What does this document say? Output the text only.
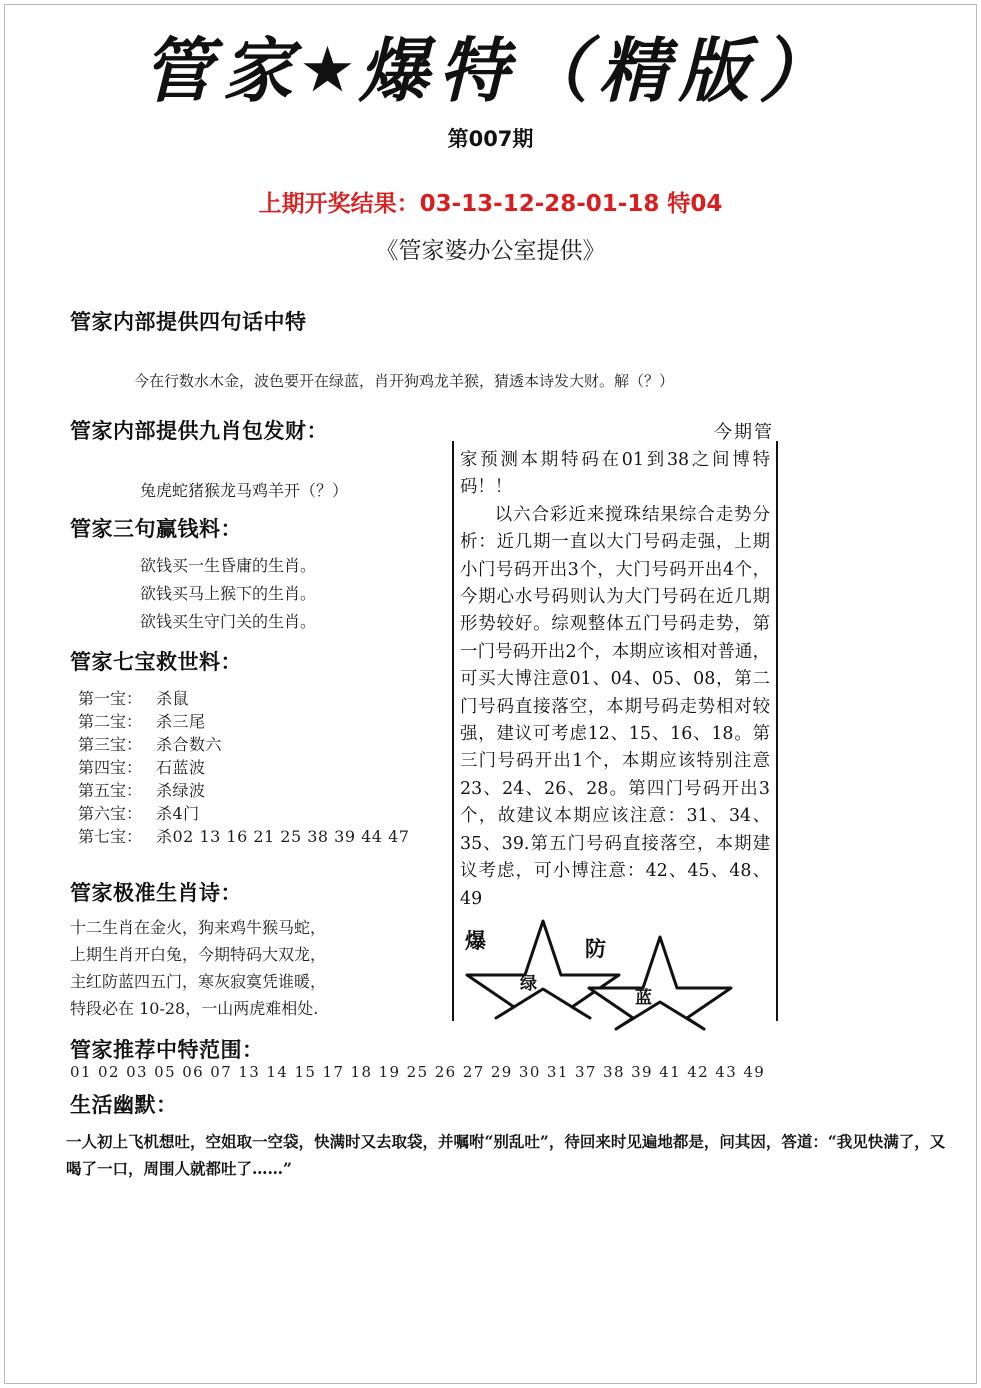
管家★爆特（精版）
第007期
上期开奖结果：03-13-12-28-01-18 特04
《管家婆办公室提供》
管家内部提供四句话中特
今在行数水木金，波色要开在绿蓝，肖开狗鸡龙羊猴，猜透本诗发大财。解（？）
管家内部提供九肖包发财：
兔虎蛇猪猴龙马鸡羊开（？）
管家三句赢钱料：
欲钱买一生昏庸的生肖。
欲钱买马上猴下的生肖。
欲钱买生守门关的生肖。
管家七宝救世料：
第一宝： 杀鼠
第二宝： 杀三尾
第三宝： 杀合数六
第四宝： 石蓝波
第五宝： 杀绿波
第六宝： 杀4门
第七宝： 杀02 13 16 21 25 38 39 44 47
管家极准生肖诗：
十二生肖在金火，狗来鸡牛猴马蛇，
上期生肖开白兔，今期特码大双龙，
主红防蓝四五门，寒灰寂寞凭谁暖，
特段必在 10-28，一山两虎难相处.
管家推荐中特范围：
01 02 03 05 06 07 13 14 15 17 18 19 25 26 27 29 30 31 37 38 39 41 42 43 49
生活幽默：
一人初上飞机想吐，空姐取一空袋，快满时又去取袋，并嘱咐“别乱吐”，待回来时见遍地都是，问其因，答道：“我见快满了，又喝了一口，周围人就都吐了……”
今期管

家预测本期特码在01到38之间博特码！！

以六合彩近来搅珠结果综合走势分析：近几期一直以大门号码走强，上期小门号码开出3个，大门号码开出4个，今期心水号码则认为大门号码在近几期形势较好。综观整体五门号码走势，第一门号码开出2个，本期应该相对普通，可买大博注意01、04、05、08，第二门号码直接落空，本期号码走势相对较强，建议可考虑12、15、16、18。第三门号码开出1个，本期应该特别注意23、24、26、28。第四门号码开出3个，故建议本期应该注意：31、34、35、39.第五门号码直接落空，本期建议考虑，可小博注意：42、45、48、49

爆
绿
防
蓝
